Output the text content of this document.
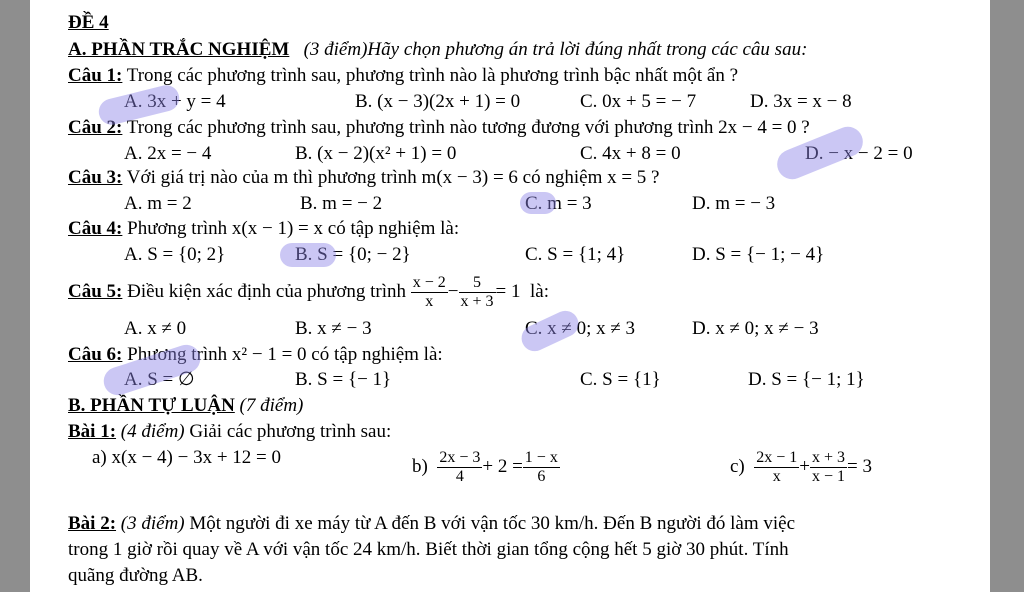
ĐỀ 4
A. PHẦN TRẮC NGHIỆM (3 điểm)Hãy chọn phương án trả lời đúng nhất trong các câu sau:
Câu 1: Trong các phương trình sau, phương trình nào là phương trình bậc nhất một ẩn ?
A. 3x + y = 4	B. (x − 3)(2x + 1) = 0	C. 0x + 5 = − 7	D. 3x = x − 8
Câu 2: Trong các phương trình sau, phương trình nào tương đương với phương trình 2x − 4 = 0 ?
A. 2x = − 4	B. (x − 2)(x² + 1) = 0	C. 4x + 8 = 0	D. − x − 2 = 0
Câu 3: Với giá trị nào của m thì phương trình m(x − 3) = 6 có nghiệm x = 5 ?
A. m = 2	B. m = − 2	C. m = 3	D. m = − 3
Câu 4: Phương trình x(x − 1) = x có tập nghiệm là:
A. S = {0; 2}	B. S = {0; − 2}	C. S = {1; 4}	D. S = {− 1; − 4}
Câu 5: Điều kiện xác định của phương trình $\frac{x - 2}{x} - \frac{5}{x + 3} = 1$ là:
A. x ≠ 0	B. x ≠ − 3	C. x ≠ 0; x ≠ 3	D. x ≠ 0; x ≠ − 3
Câu 6: Phương trình x² − 1 = 0 có tập nghiệm là:
A. S = ∅	B. S = {− 1}	C. S = {1}	D. S = {− 1; 1}
B. PHẦN TỰ LUẬN (7 điểm)
Bài 1: (4 điểm) Giải các phương trình sau:
a) x(x − 4) − 3x + 12 = 0	$b) \frac{2x - 3}{4} + 2 = \frac{1 - x}{6}$	$c) \frac{2x - 1}{x} + \frac{x + 3}{x - 1} = 3$
Bài 2: (3 điểm) Một người đi xe máy từ A đến B với vận tốc 30 km/h. Đến B người đó làm việc
trong 1 giờ rồi quay về A với vận tốc 24 km/h. Biết thời gian tổng cộng hết 5 giờ 30 phút. Tính
quãng đường AB.
